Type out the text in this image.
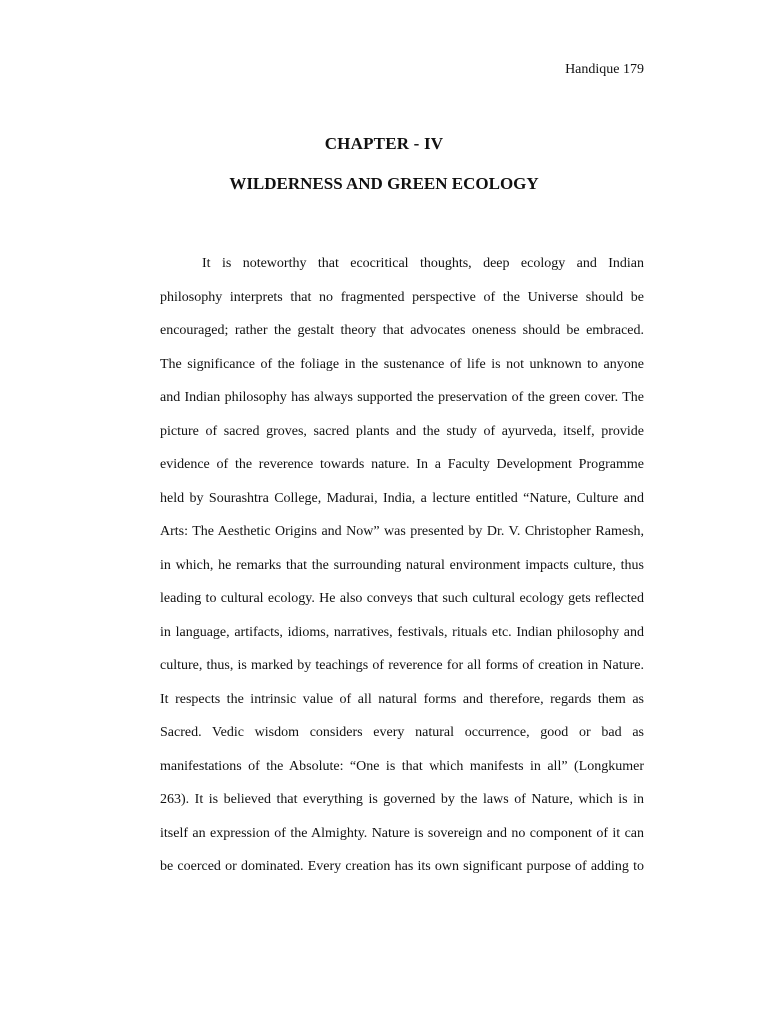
Handique 179
CHAPTER - IV
WILDERNESS AND GREEN ECOLOGY
It is noteworthy that ecocritical thoughts, deep ecology and Indian
philosophy interprets that no fragmented perspective of the Universe should be
encouraged; rather the gestalt theory that advocates oneness should be embraced.
The significance of the foliage in the sustenance of life is not unknown to anyone
and Indian philosophy has always supported the preservation of the green cover. The
picture of sacred groves, sacred plants and the study of ayurveda, itself, provide
evidence of the reverence towards nature. In a Faculty Development Programme
held by Sourashtra College, Madurai, India, a lecture entitled “Nature, Culture and
Arts: The Aesthetic Origins and Now” was presented by Dr. V. Christopher Ramesh,
in which, he remarks that the surrounding natural environment impacts culture, thus
leading to cultural ecology. He also conveys that such cultural ecology gets reflected
in language, artifacts, idioms, narratives, festivals, rituals etc. Indian philosophy and
culture, thus, is marked by teachings of reverence for all forms of creation in Nature.
It respects the intrinsic value of all natural forms and therefore, regards them as
Sacred. Vedic wisdom considers every natural occurrence, good or bad as
manifestations of the Absolute: “One is that which manifests in all” (Longkumer
263). It is believed that everything is governed by the laws of Nature, which is in
itself an expression of the Almighty. Nature is sovereign and no component of it can
be coerced or dominated. Every creation has its own significant purpose of adding to
